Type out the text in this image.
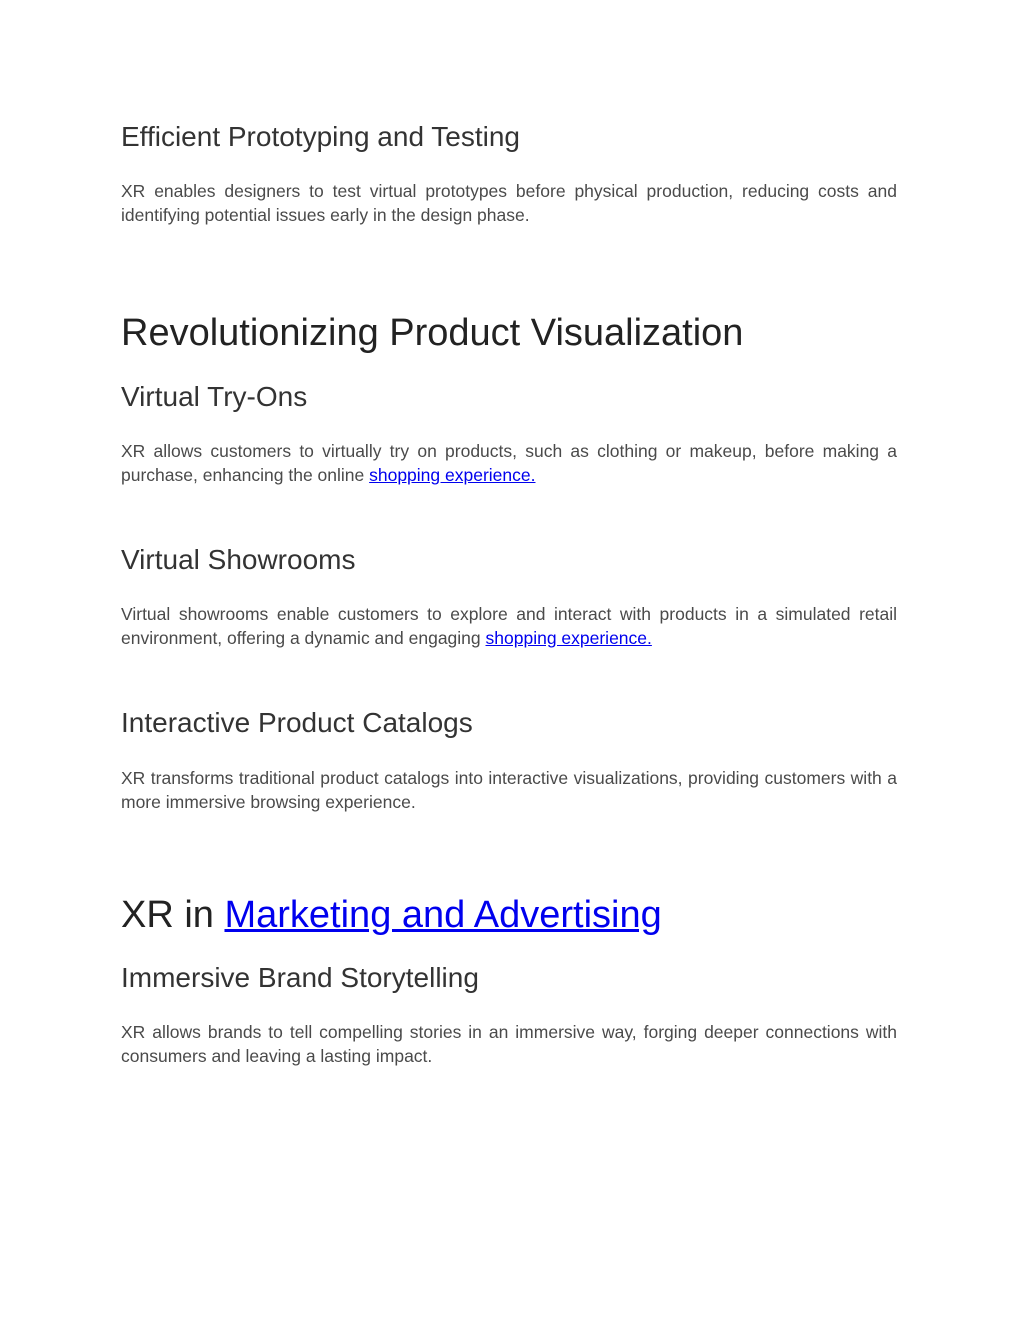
Efficient Prototyping and Testing

XR enables designers to test virtual prototypes before physical production, reducing costs and identifying potential issues early in the design phase.

Revolutionizing Product Visualization
Virtual Try-Ons

XR allows customers to virtually try on products, such as clothing or makeup, before making a purchase, enhancing the online shopping experience.

Virtual Showrooms

Virtual showrooms enable customers to explore and interact with products in a simulated retail environment, offering a dynamic and engaging shopping experience.

Interactive Product Catalogs

XR transforms traditional product catalogs into interactive visualizations, providing customers with a more immersive browsing experience.

XR in Marketing and Advertising
Immersive Brand Storytelling

XR allows brands to tell compelling stories in an immersive way, forging deeper connections with consumers and leaving a lasting impact.
